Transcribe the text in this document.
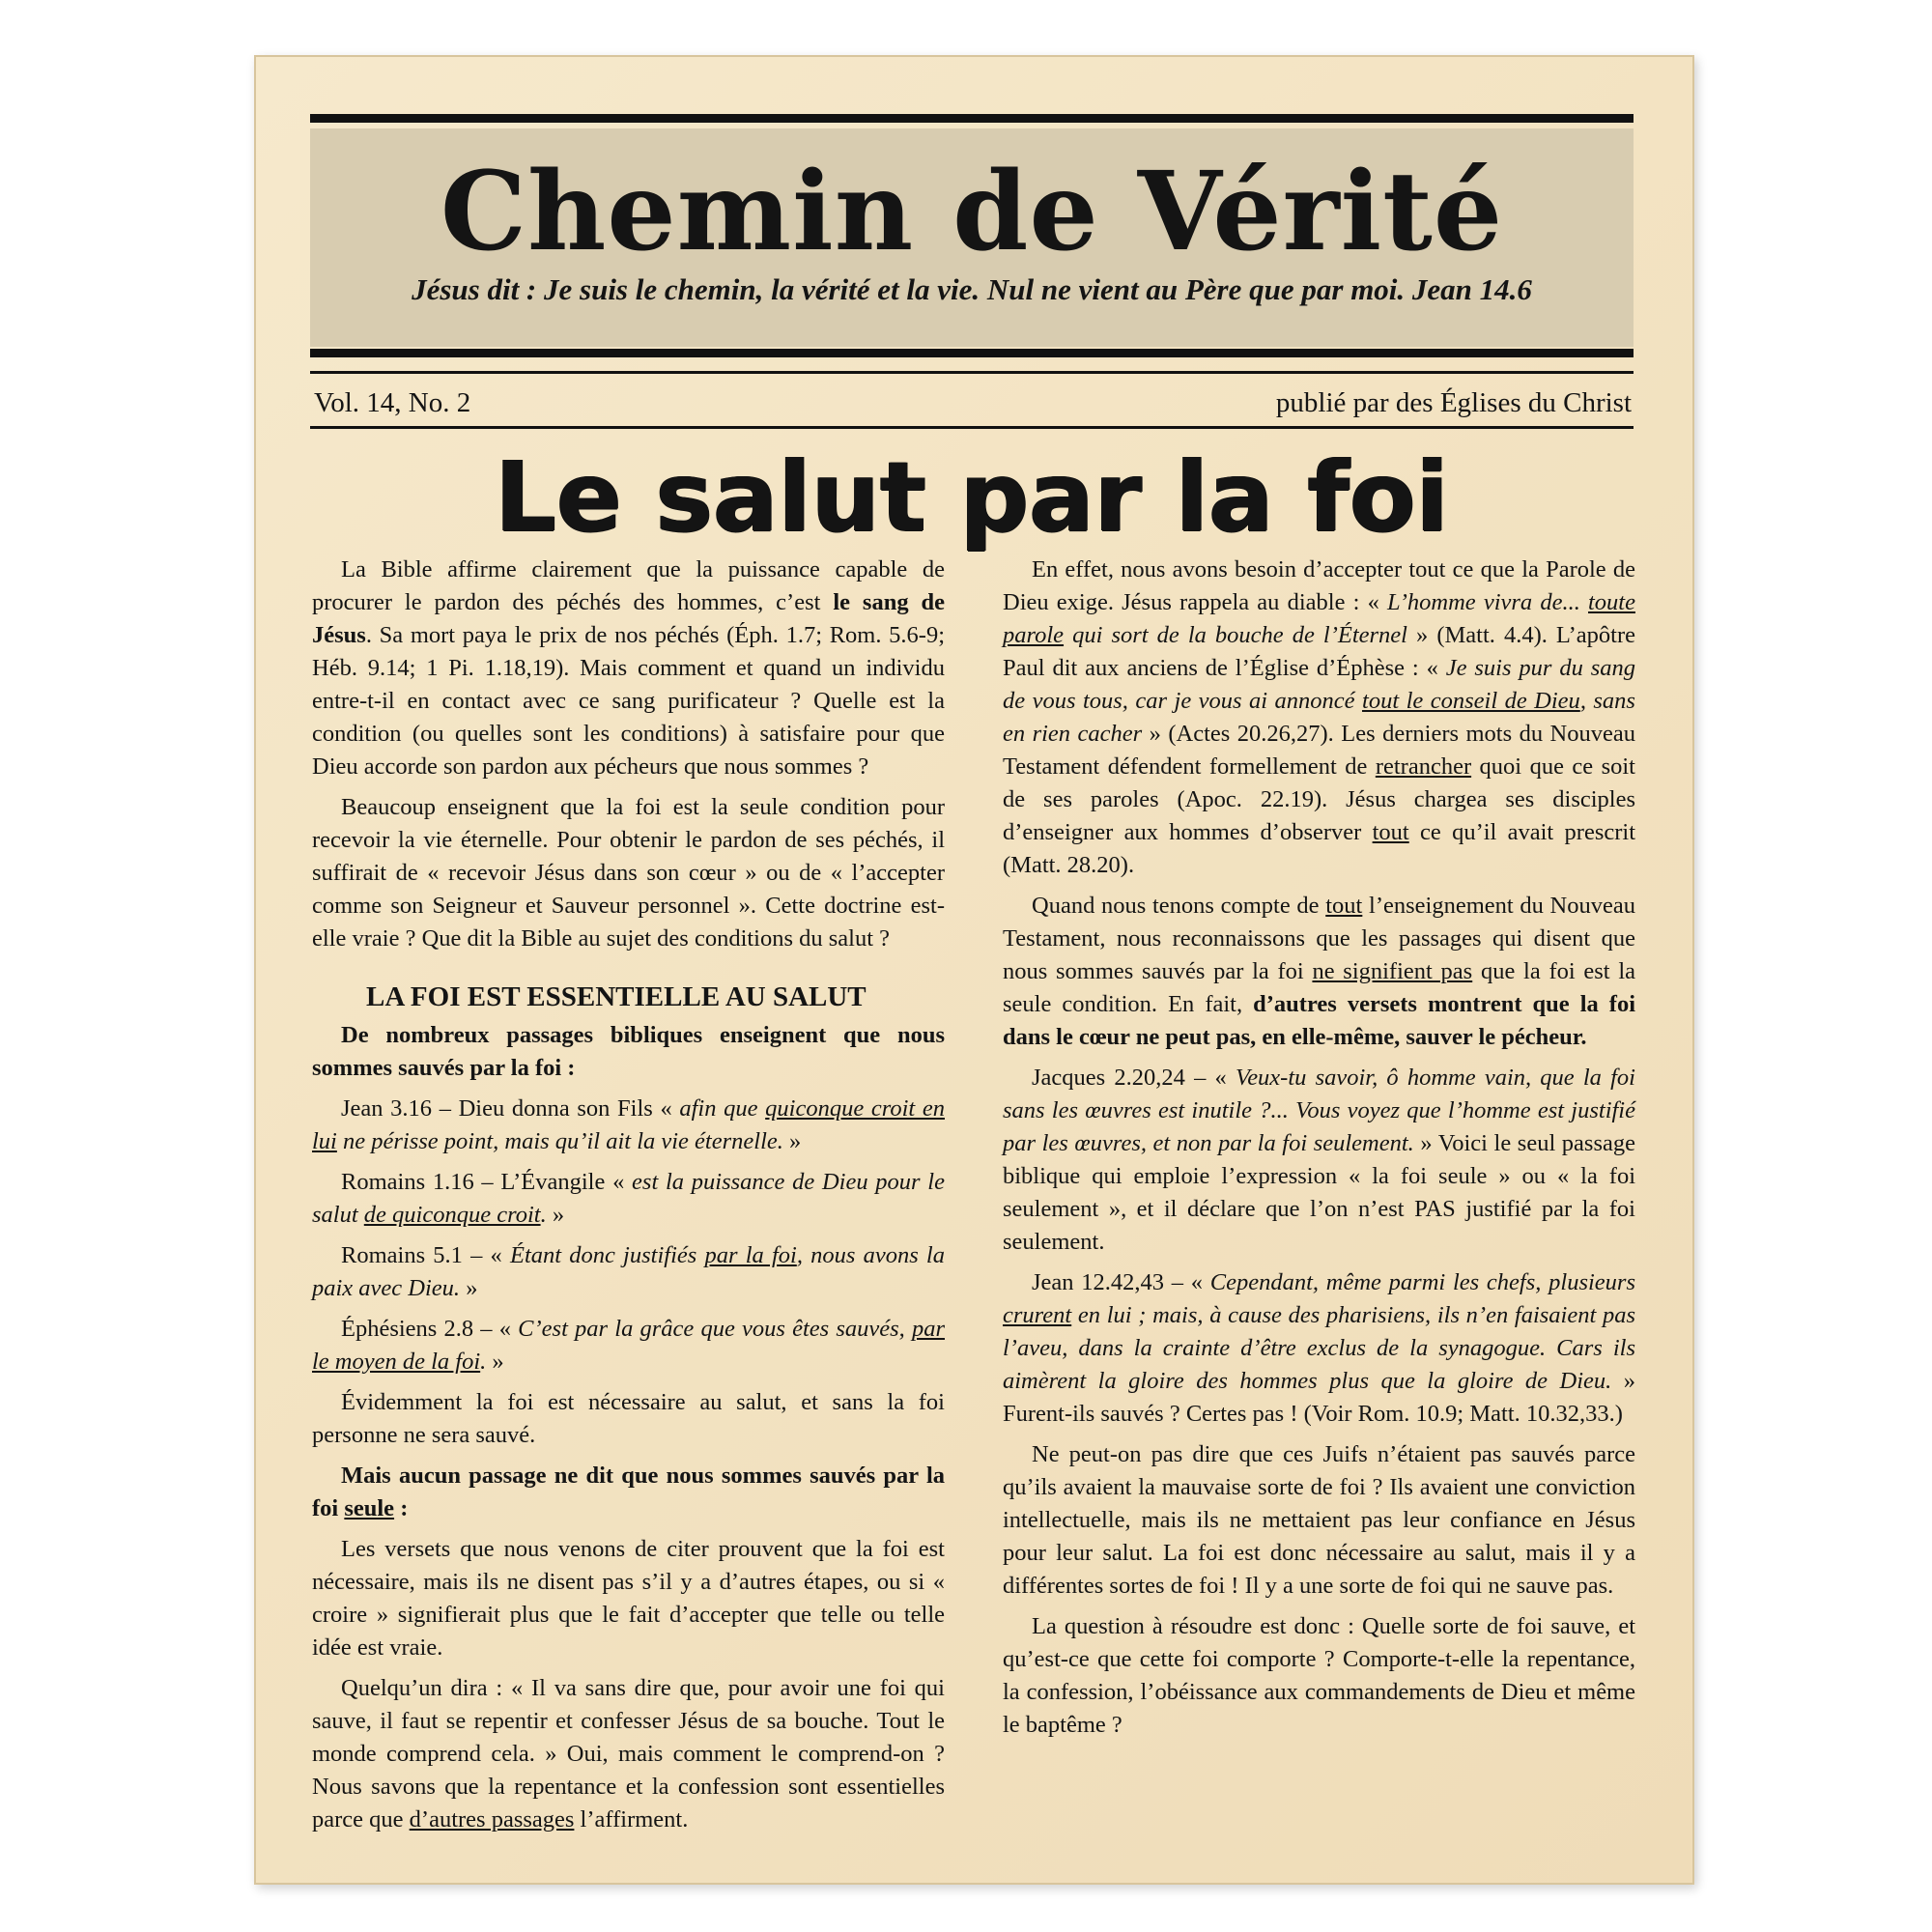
Chemin de Vérité
Jésus dit : Je suis le chemin, la vérité et la vie. Nul ne vient au Père que par moi. Jean 14.6
Vol. 14, No. 2	publié par des Églises du Christ
Le salut par la foi

La Bible affirme clairement que la puissance capable de procurer le pardon des péchés des hommes, c’est le sang de Jésus. Sa mort paya le prix de nos péchés (Éph. 1.7; Rom. 5.6-9; Héb. 9.14; 1 Pi. 1.18,19). Mais comment et quand un individu entre-t-il en contact avec ce sang purificateur ? Quelle est la condition (ou quelles sont les conditions) à satisfaire pour que Dieu accorde son pardon aux pécheurs que nous sommes ?

Beaucoup enseignent que la foi est la seule condition pour recevoir la vie éternelle. Pour obtenir le pardon de ses péchés, il suffirait de « recevoir Jésus dans son cœur » ou de « l’accepter comme son Seigneur et Sauveur personnel ». Cette doctrine est-elle vraie ? Que dit la Bible au sujet des conditions du salut ?

LA FOI EST ESSENTIELLE AU SALUT

De nombreux passages bibliques enseignent que nous sommes sauvés par la foi :

Jean 3.16 – Dieu donna son Fils « afin que quiconque croit en lui ne périsse point, mais qu’il ait la vie éternelle. »

Romains 1.16 – L’Évangile « est la puissance de Dieu pour le salut de quiconque croit. »

Romains 5.1 – « Étant donc justifiés par la foi, nous avons la paix avec Dieu. »

Éphésiens 2.8 – « C’est par la grâce que vous êtes sauvés, par le moyen de la foi. »

Évidemment la foi est nécessaire au salut, et sans la foi personne ne sera sauvé.

Mais aucun passage ne dit que nous sommes sauvés par la foi seule :

Les versets que nous venons de citer prouvent que la foi est nécessaire, mais ils ne disent pas s’il y a d’autres étapes, ou si « croire » signifierait plus que le fait d’accepter que telle ou telle idée est vraie.

Quelqu’un dira : « Il va sans dire que, pour avoir une foi qui sauve, il faut se repentir et confesser Jésus de sa bouche. Tout le monde comprend cela. » Oui, mais comment le comprend-on ? Nous savons que la repentance et la confession sont essentielles parce que d’autres passages l’affirment.

En effet, nous avons besoin d’accepter tout ce que la Parole de Dieu exige. Jésus rappela au diable : « L’homme vivra de... toute parole qui sort de la bouche de l’Éternel » (Matt. 4.4). L’apôtre Paul dit aux anciens de l’Église d’Éphèse : « Je suis pur du sang de vous tous, car je vous ai annoncé tout le conseil de Dieu, sans en rien cacher » (Actes 20.26,27). Les derniers mots du Nouveau Testament défendent formellement de retrancher quoi que ce soit de ses paroles (Apoc. 22.19). Jésus chargea ses disciples d’enseigner aux hommes d’observer tout ce qu’il avait prescrit (Matt. 28.20).

Quand nous tenons compte de tout l’enseignement du Nouveau Testament, nous reconnaissons que les passages qui disent que nous sommes sauvés par la foi ne signifient pas que la foi est la seule condition. En fait, d’autres versets montrent que la foi dans le cœur ne peut pas, en elle-même, sauver le pécheur.

Jacques 2.20,24 – « Veux-tu savoir, ô homme vain, que la foi sans les œuvres est inutile ?... Vous voyez que l’homme est justifié par les œuvres, et non par la foi seulement. » Voici le seul passage biblique qui emploie l’expression « la foi seule » ou « la foi seulement », et il déclare que l’on n’est PAS justifié par la foi seulement.

Jean 12.42,43 – « Cependant, même parmi les chefs, plusieurs crurent en lui ; mais, à cause des pharisiens, ils n’en faisaient pas l’aveu, dans la crainte d’être exclus de la synagogue. Cars ils aimèrent la gloire des hommes plus que la gloire de Dieu. » Furent-ils sauvés ? Certes pas ! (Voir Rom. 10.9; Matt. 10.32,33.)

Ne peut-on pas dire que ces Juifs n’étaient pas sauvés parce qu’ils avaient la mauvaise sorte de foi ? Ils avaient une conviction intellectuelle, mais ils ne mettaient pas leur confiance en Jésus pour leur salut. La foi est donc nécessaire au salut, mais il y a différentes sortes de foi ! Il y a une sorte de foi qui ne sauve pas.

La question à résoudre est donc : Quelle sorte de foi sauve, et qu’est-ce que cette foi comporte ? Comporte-t-elle la repentance, la confession, l’obéissance aux commandements de Dieu et même le baptême ?
